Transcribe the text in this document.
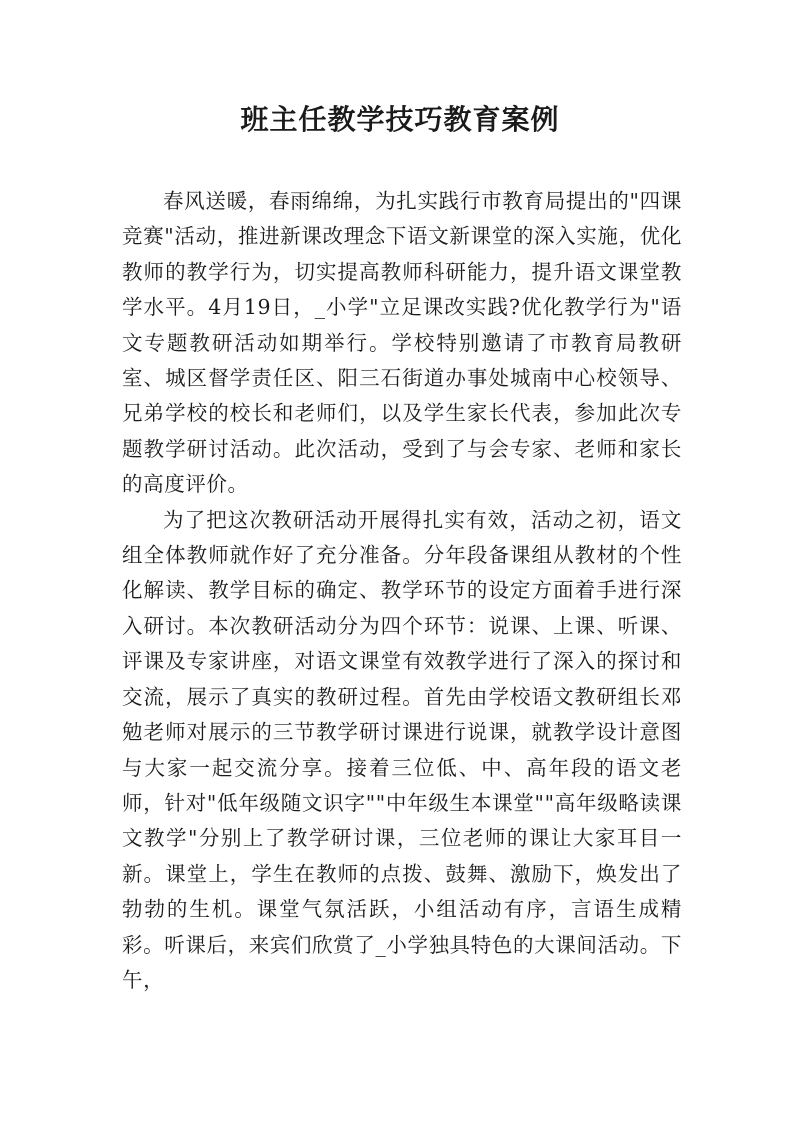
班主任教学技巧教育案例

春风送暖，春雨绵绵，为扎实践行市教育局提出的"四课竞赛"活动，推进新课改理念下语文新课堂的深入实施，优化教师的教学行为，切实提高教师科研能力，提升语文课堂教学水平。4月19日，_小学"立足课改实践?优化教学行为"语文专题教研活动如期举行。学校特别邀请了市教育局教研室、城区督学责任区、阳三石街道办事处城南中心校领导、兄弟学校的校长和老师们，以及学生家长代表，参加此次专题教学研讨活动。此次活动，受到了与会专家、老师和家长的高度评价。

为了把这次教研活动开展得扎实有效，活动之初，语文组全体教师就作好了充分准备。分年段备课组从教材的个性化解读、教学目标的确定、教学环节的设定方面着手进行深入研讨。本次教研活动分为四个环节：说课、上课、听课、评课及专家讲座，对语文课堂有效教学进行了深入的探讨和交流，展示了真实的教研过程。首先由学校语文教研组长邓勉老师对展示的三节教学研讨课进行说课，就教学设计意图与大家一起交流分享。接着三位低、中、高年段的语文老师，针对"低年级随文识字""中年级生本课堂""高年级略读课文教学"分别上了教学研讨课，三位老师的课让大家耳目一新。课堂上，学生在教师的点拨、鼓舞、激励下，焕发出了勃勃的生机。课堂气氛活跃，小组活动有序，言语生成精彩。听课后，来宾们欣赏了_小学独具特色的大课间活动。下午，
